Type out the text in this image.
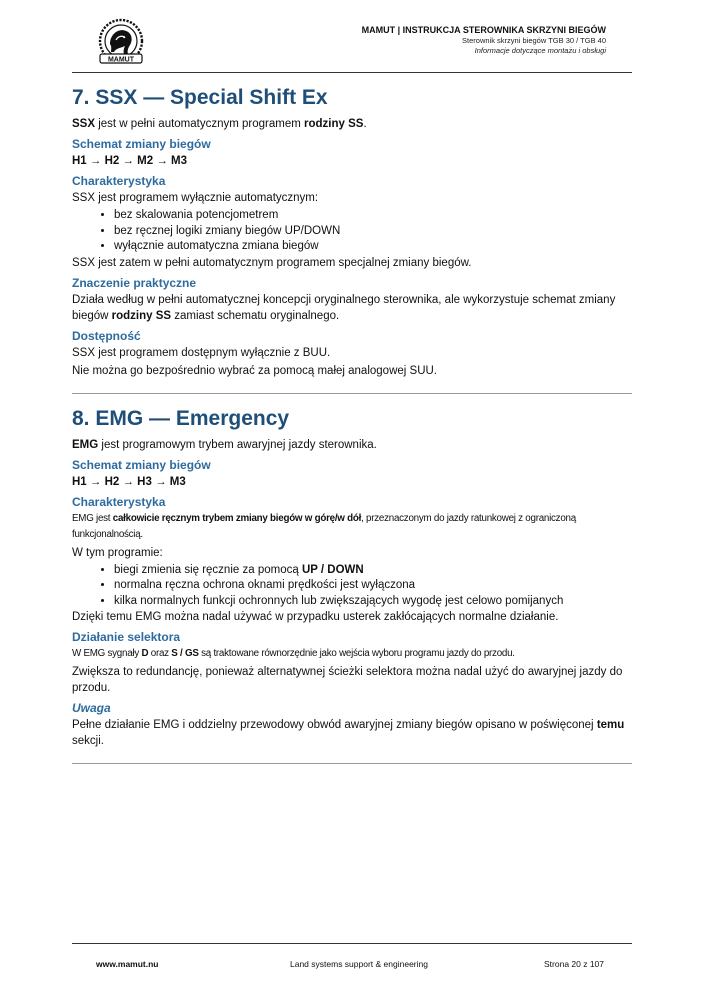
MAMUT
MAMUT | INSTRUKCJA STEROWNIKA SKRZYNI BIEGÓW
Sterownik skrzyni biegów TGB 30 / TGB 40
Informacje dotyczące montażu i obsługi
7. SSX — Special Shift Ex

SSX jest w pełni automatycznym programem rodziny SS.

Schemat zmiany biegów

H1 → H2 → M2 → M3

Charakterystyka

SSX jest programem wyłącznie automatycznym:

• bez skalowania potencjometrem
• bez ręcznej logiki zmiany biegów UP/DOWN
• wyłącznie automatyczna zmiana biegów

SSX jest zatem w pełni automatycznym programem specjalnej zmiany biegów.

Znaczenie praktyczne

Działa według w pełni automatycznej koncepcji oryginalnego sterownika, ale wykorzystuje schemat zmiany biegów rodziny SS zamiast schematu oryginalnego.

Dostępność

SSX jest programem dostępnym wyłącznie z BUU.

Nie można go bezpośrednio wybrać za pomocą małej analogowej SUU.

8. EMG — Emergency

EMG jest programowym trybem awaryjnej jazdy sterownika.

Schemat zmiany biegów

H1 → H2 → H3 → M3

Charakterystyka

EMG jest całkowicie ręcznym trybem zmiany biegów w górę/w dół, przeznaczonym do jazdy ratunkowej z ograniczoną funkcjonalnością.

W tym programie:

• biegi zmienia się ręcznie za pomocą UP / DOWN
• normalna ręczna ochrona oknami prędkości jest wyłączona
• kilka normalnych funkcji ochronnych lub zwiększających wygodę jest celowo pomijanych

Dzięki temu EMG można nadal używać w przypadku usterek zakłócających normalne działanie.

Działanie selektora

W EMG sygnały D oraz S / GS są traktowane równorzędnie jako wejścia wyboru programu jazdy do przodu.

Zwiększa to redundancję, ponieważ alternatywnej ścieżki selektora można nadal użyć do awaryjnej jazdy do przodu.

Uwaga

Pełne działanie EMG i oddzielny przewodowy obwód awaryjnej zmiany biegów opisano w poświęconej temu sekcji.

www.mamut.nu	Land systems support & engineering	Strona 20 z 107
